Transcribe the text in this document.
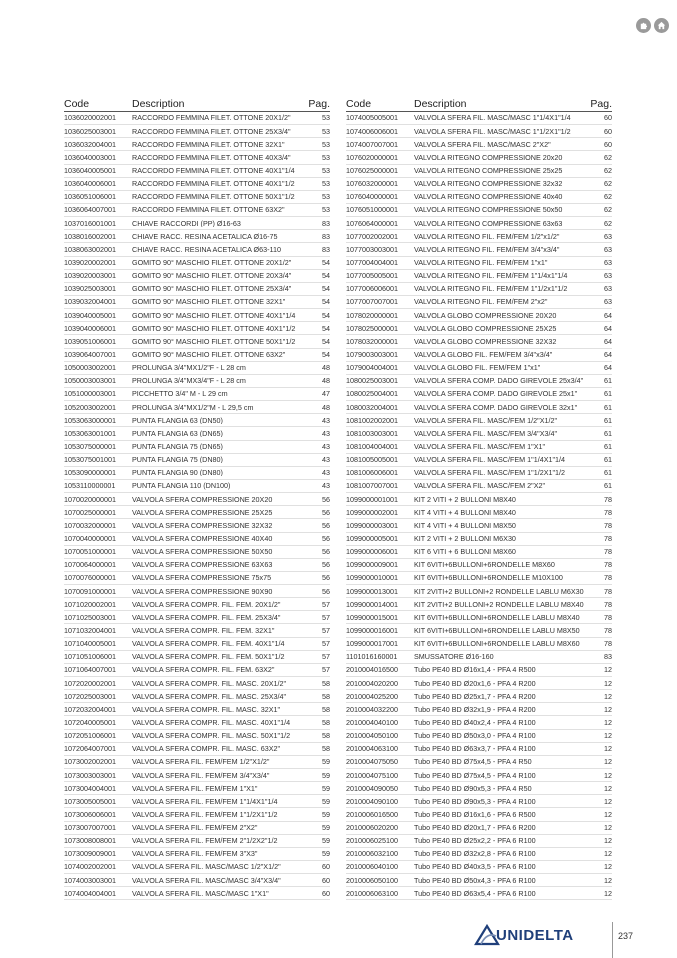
Code	Description	Pag.
1036020002001	RACCORDO FEMMINA FILET. OTTONE 20X1/2"	53
1036025003001	RACCORDO FEMMINA FILET. OTTONE 25X3/4"	53
1036032004001	RACCORDO FEMMINA FILET. OTTONE 32X1"	53
1036040003001	RACCORDO FEMMINA FILET. OTTONE 40X3/4"	53
1036040005001	RACCORDO FEMMINA FILET. OTTONE 40X1"1/4	53
1036040006001	RACCORDO FEMMINA FILET. OTTONE 40X1"1/2	53
1036051006001	RACCORDO FEMMINA FILET. OTTONE 50X1"1/2	53
1036064007001	RACCORDO FEMMINA FILET. OTTONE 63X2"	53
1037016001001	CHIAVE RACCORDI (PP) Ø16-63	83
1038016002001	CHIAVE RACC. RESINA ACETALICA Ø16-75	83
1038063002001	CHIAVE RACC. RESINA ACETALICA Ø63-110	83
1039020002001	GOMITO 90° MASCHIO FILET. OTTONE 20X1/2"	54
1039020003001	GOMITO 90° MASCHIO FILET. OTTONE 20X3/4"	54
1039025003001	GOMITO 90° MASCHIO FILET. OTTONE 25X3/4"	54
1039032004001	GOMITO 90° MASCHIO FILET. OTTONE 32X1"	54
1039040005001	GOMITO 90° MASCHIO FILET. OTTONE 40X1"1/4	54
1039040006001	GOMITO 90° MASCHIO FILET. OTTONE 40X1"1/2	54
1039051006001	GOMITO 90° MASCHIO FILET. OTTONE 50X1"1/2	54
1039064007001	GOMITO 90° MASCHIO FILET. OTTONE 63X2"	54
1050003002001	PROLUNGA 3/4"MX1/2"F - L 28 cm	48
1050003003001	PROLUNGA 3/4"MX3/4"F - L 28 cm	48
1051000003001	PICCHETTO 3/4" M - L 29 cm	47
1052003002001	PROLUNGA 3/4"MX1/2"M - L 29,5 cm	48
1053063000001	PUNTA FLANGIA 63 (DN50)	43
1053063001001	PUNTA FLANGIA 63 (DN65)	43
1053075000001	PUNTA FLANGIA 75 (DN65)	43
1053075001001	PUNTA FLANGIA 75 (DN80)	43
1053090000001	PUNTA FLANGIA 90 (DN80)	43
1053110000001	PUNTA FLANGIA 110 (DN100)	43
1070020000001	VALVOLA SFERA COMPRESSIONE 20X20	56
1070025000001	VALVOLA SFERA COMPRESSIONE 25X25	56
1070032000001	VALVOLA SFERA COMPRESSIONE 32X32	56
1070040000001	VALVOLA SFERA COMPRESSIONE 40X40	56
1070051000001	VALVOLA SFERA COMPRESSIONE 50X50	56
1070064000001	VALVOLA SFERA COMPRESSIONE 63X63	56
1070076000001	VALVOLA SFERA COMPRESSIONE 75x75	56
1070091000001	VALVOLA SFERA COMPRESSIONE 90X90	56
1071020002001	VALVOLA SFERA COMPR. FIL. FEM. 20X1/2"	57
1071025003001	VALVOLA SFERA COMPR. FIL. FEM. 25X3/4"	57
1071032004001	VALVOLA SFERA COMPR. FIL. FEM. 32X1"	57
1071040005001	VALVOLA SFERA COMPR. FIL. FEM. 40X1"1/4	57
1071051006001	VALVOLA SFERA COMPR. FIL. FEM. 50X1"1/2	57
1071064007001	VALVOLA SFERA COMPR. FIL. FEM. 63X2"	57
1072020002001	VALVOLA SFERA COMPR. FIL. MASC. 20X1/2"	58
1072025003001	VALVOLA SFERA COMPR. FIL. MASC. 25X3/4"	58
1072032004001	VALVOLA SFERA COMPR. FIL. MASC. 32X1"	58
1072040005001	VALVOLA SFERA COMPR. FIL. MASC. 40X1"1/4	58
1072051006001	VALVOLA SFERA COMPR. FIL. MASC. 50X1"1/2	58
1072064007001	VALVOLA SFERA COMPR. FIL. MASC. 63X2"	58
1073002002001	VALVOLA SFERA FIL. FEM/FEM 1/2"X1/2"	59
1073003003001	VALVOLA SFERA FIL. FEM/FEM 3/4"X3/4"	59
1073004004001	VALVOLA SFERA FIL. FEM/FEM 1"X1"	59
1073005005001	VALVOLA SFERA FIL. FEM/FEM 1"1/4X1"1/4	59
1073006006001	VALVOLA SFERA FIL. FEM/FEM 1"1/2X1"1/2	59
1073007007001	VALVOLA SFERA FIL. FEM/FEM 2"X2"	59
1073008008001	VALVOLA SFERA FIL. FEM/FEM 2"1/2X2"1/2	59
1073009009001	VALVOLA SFERA FIL. FEM/FEM 3"X3"	59
1074002002001	VALVOLA SFERA FIL. MASC/MASC 1/2"X1/2"	60
1074003003001	VALVOLA SFERA FIL. MASC/MASC 3/4"X3/4"	60
1074004004001	VALVOLA SFERA FIL. MASC/MASC 1"X1"	60
Code	Description	Pag.
1074005005001	VALVOLA SFERA FIL. MASC/MASC 1"1/4X1"1/4	60
1074006006001	VALVOLA SFERA FIL. MASC/MASC 1"1/2X1"1/2	60
1074007007001	VALVOLA SFERA FIL. MASC/MASC 2"X2"	60
1076020000001	VALVOLA RITEGNO COMPRESSIONE 20x20	62
1076025000001	VALVOLA RITEGNO COMPRESSIONE 25x25	62
1076032000001	VALVOLA RITEGNO COMPRESSIONE 32x32	62
1076040000001	VALVOLA RITEGNO COMPRESSIONE 40x40	62
1076051000001	VALVOLA RITEGNO COMPRESSIONE 50x50	62
1076064000001	VALVOLA RITEGNO COMPRESSIONE 63x63	62
1077002002001	VALVOLA RITEGNO FIL. FEM/FEM 1/2"x1/2"	63
1077003003001	VALVOLA RITEGNO FIL. FEM/FEM 3/4"x3/4"	63
1077004004001	VALVOLA RITEGNO FIL. FEM/FEM 1"x1"	63
1077005005001	VALVOLA RITEGNO FIL. FEM/FEM 1"1/4x1"1/4	63
1077006006001	VALVOLA RITEGNO FIL. FEM/FEM 1"1/2x1"1/2	63
1077007007001	VALVOLA RITEGNO FIL. FEM/FEM 2"x2"	63
1078020000001	VALVOLA GLOBO COMPRESSIONE 20X20	64
1078025000001	VALVOLA GLOBO COMPRESSIONE 25X25	64
1078032000001	VALVOLA GLOBO COMPRESSIONE 32X32	64
1079003003001	VALVOLA GLOBO FIL. FEM/FEM 3/4"x3/4"	64
1079004004001	VALVOLA GLOBO FIL. FEM/FEM 1"x1"	64
1080025003001	VALVOLA SFERA COMP. DADO GIREVOLE 25x3/4"	61
1080025004001	VALVOLA SFERA COMP. DADO GIREVOLE 25x1"	61
1080032004001	VALVOLA SFERA COMP. DADO GIREVOLE 32x1"	61
1081002002001	VALVOLA SFERA FIL. MASC/FEM 1/2"X1/2"	61
1081003003001	VALVOLA SFERA FIL. MASC/FEM 3/4"X3/4"	61
1081004004001	VALVOLA SFERA FIL. MASC/FEM 1"X1"	61
1081005005001	VALVOLA SFERA FIL. MASC/FEM 1"1/4X1"1/4	61
1081006006001	VALVOLA SFERA FIL. MASC/FEM 1"1/2X1"1/2	61
1081007007001	VALVOLA SFERA FIL. MASC/FEM 2"X2"	61
1099000001001	KIT 2 VITI + 2 BULLONI M8X40	78
1099000002001	KIT 4 VITI + 4 BULLONI M8X40	78
1099000003001	KIT 4 VITI + 4 BULLONI M8X50	78
1099000005001	KIT 2 VITI + 2 BULLONI M6X30	78
1099000006001	KIT 6 VITI + 6 BULLONI M8X60	78
1099000009001	KIT 6VITI+6BULLONI+6RONDELLE M8X60	78
1099000010001	KIT 6VITI+6BULLONI+6RONDELLE M10X100	78
1099000013001	KIT 2VITI+2 BULLONI+2 RONDELLE LABLU M6X30	78
1099000014001	KIT 2VITI+2 BULLONI+2 RONDELLE LABLU M8X40	78
1099000015001	KIT 6VITI+6BULLONI+6RONDELLE LABLU M8X40	78
1099000016001	KIT 6VITI+6BULLONI+6RONDELLE LABLU M8X50	78
1099000017001	KIT 6VITI+6BULLONI+6RONDELLE LABLU M8X60	78
1101016160001	SMUSSATORE Ø16-160	83
2010004016500	Tubo PE40 BD Ø16x1,4 - PFA 4 R500	12
2010004020200	Tubo PE40 BD Ø20x1,6 - PFA 4 R200	12
2010004025200	Tubo PE40 BD Ø25x1,7 - PFA 4 R200	12
2010004032200	Tubo PE40 BD Ø32x1,9 - PFA 4 R200	12
2010004040100	Tubo PE40 BD Ø40x2,4 - PFA 4 R100	12
2010004050100	Tubo PE40 BD Ø50x3,0 - PFA 4 R100	12
2010004063100	Tubo PE40 BD Ø63x3,7 - PFA 4 R100	12
2010004075050	Tubo PE40 BD Ø75x4,5 - PFA 4 R50	12
2010004075100	Tubo PE40 BD Ø75x4,5 - PFA 4 R100	12
2010004090050	Tubo PE40 BD Ø90x5,3 - PFA 4 R50	12
2010004090100	Tubo PE40 BD Ø90x5,3 - PFA 4 R100	12
2010006016500	Tubo PE40 BD Ø16x1,6 - PFA 6 R500	12
2010006020200	Tubo PE40 BD Ø20x1,7 - PFA 6 R200	12
2010006025100	Tubo PE40 BD Ø25x2,2 - PFA 6 R100	12
2010006032100	Tubo PE40 BD Ø32x2,8 - PFA 6 R100	12
2010006040100	Tubo PE40 BD Ø40x3,5 - PFA 6 R100	12
2010006050100	Tubo PE40 BD Ø50x4,3 - PFA 6 R100	12
2010006063100	Tubo PE40 BD Ø63x5,4 - PFA 6 R100	12
UNIDELTA	237
